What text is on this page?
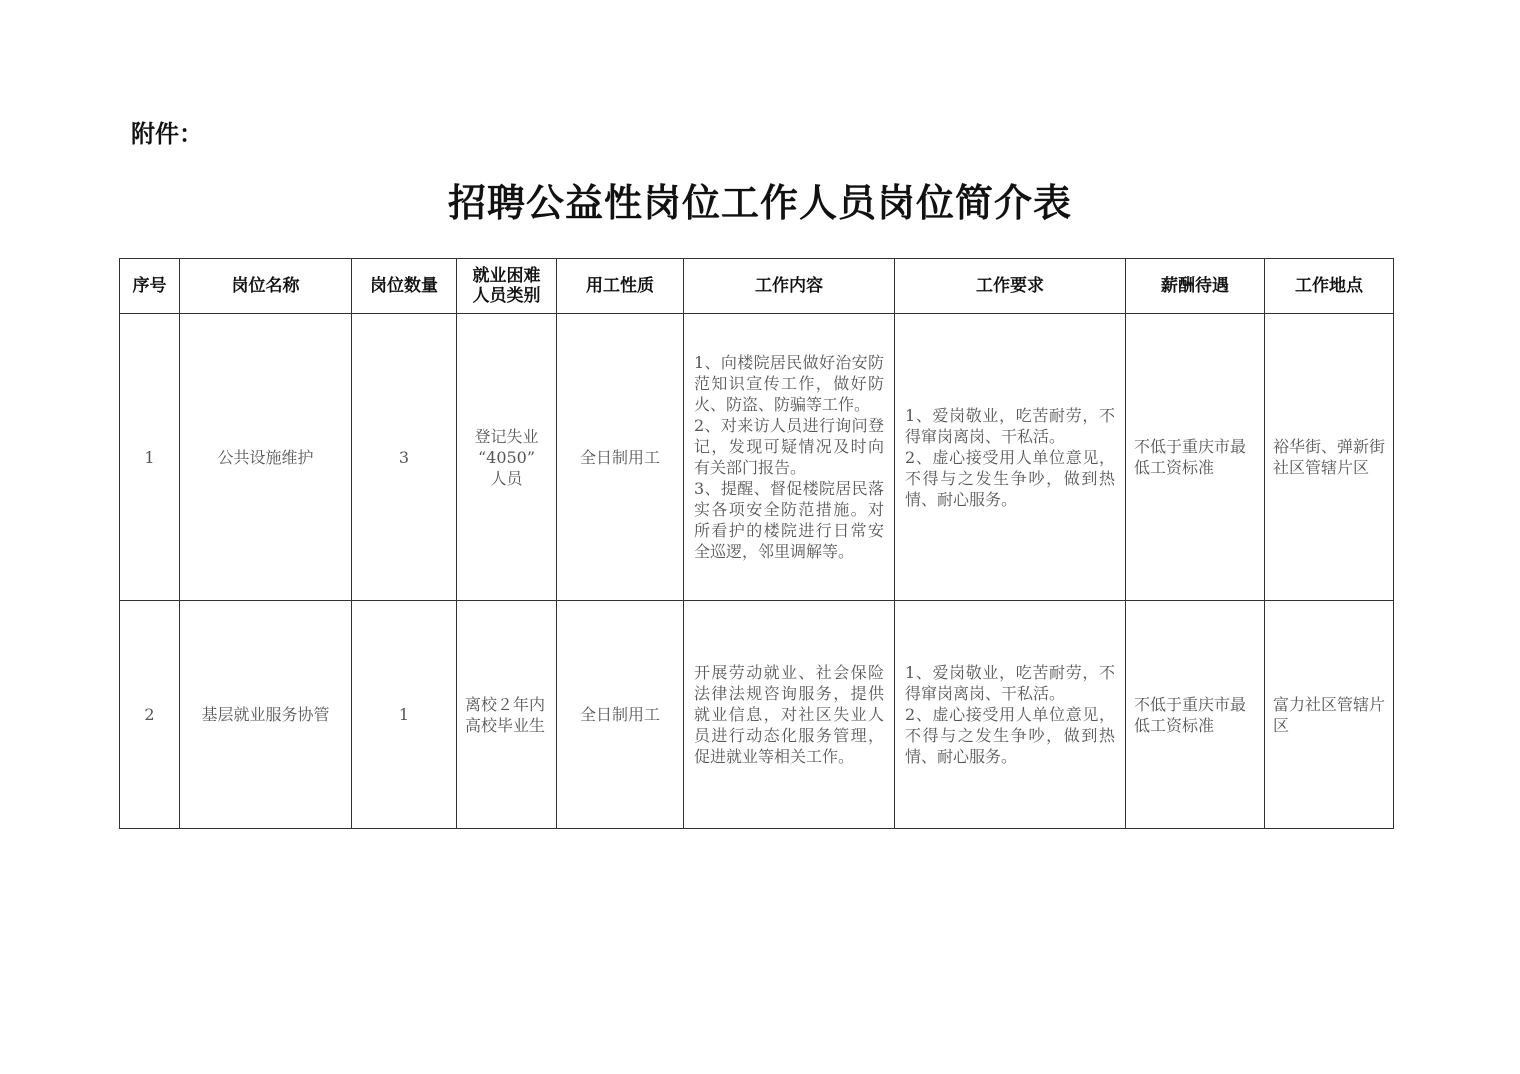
附件：
招聘公益性岗位工作人员岗位简介表
序号	岗位名称	岗位数量	就业困难
人员类别	用工性质	工作内容	工作要求	薪酬待遇	工作地点
1	公共设施维护	3	登记失业
“4050”
人员	全日制用工	1、向楼院居民做好治安防范知识宣传工作，做好防火、防盗、防骗等工作。
2、对来访人员进行询问登记，发现可疑情况及时向有关部门报告。
3、提醒、督促楼院居民落实各项安全防范措施。对所看护的楼院进行日常安全巡逻，邻里调解等。	1、爱岗敬业，吃苦耐劳，不得窜岗离岗、干私活。
2、虚心接受用人单位意见，不得与之发生争吵，做到热情、耐心服务。	不低于重庆市最低工资标准	裕华街、弹新街社区管辖片区
2	基层就业服务协管	1	离校２年内高校毕业生	全日制用工	开展劳动就业、社会保险法律法规咨询服务，提供就业信息，对社区失业人员进行动态化服务管理，促进就业等相关工作。	1、爱岗敬业，吃苦耐劳，不得窜岗离岗、干私活。
2、虚心接受用人单位意见，不得与之发生争吵，做到热情、耐心服务。	不低于重庆市最低工资标准	富力社区管辖片区
